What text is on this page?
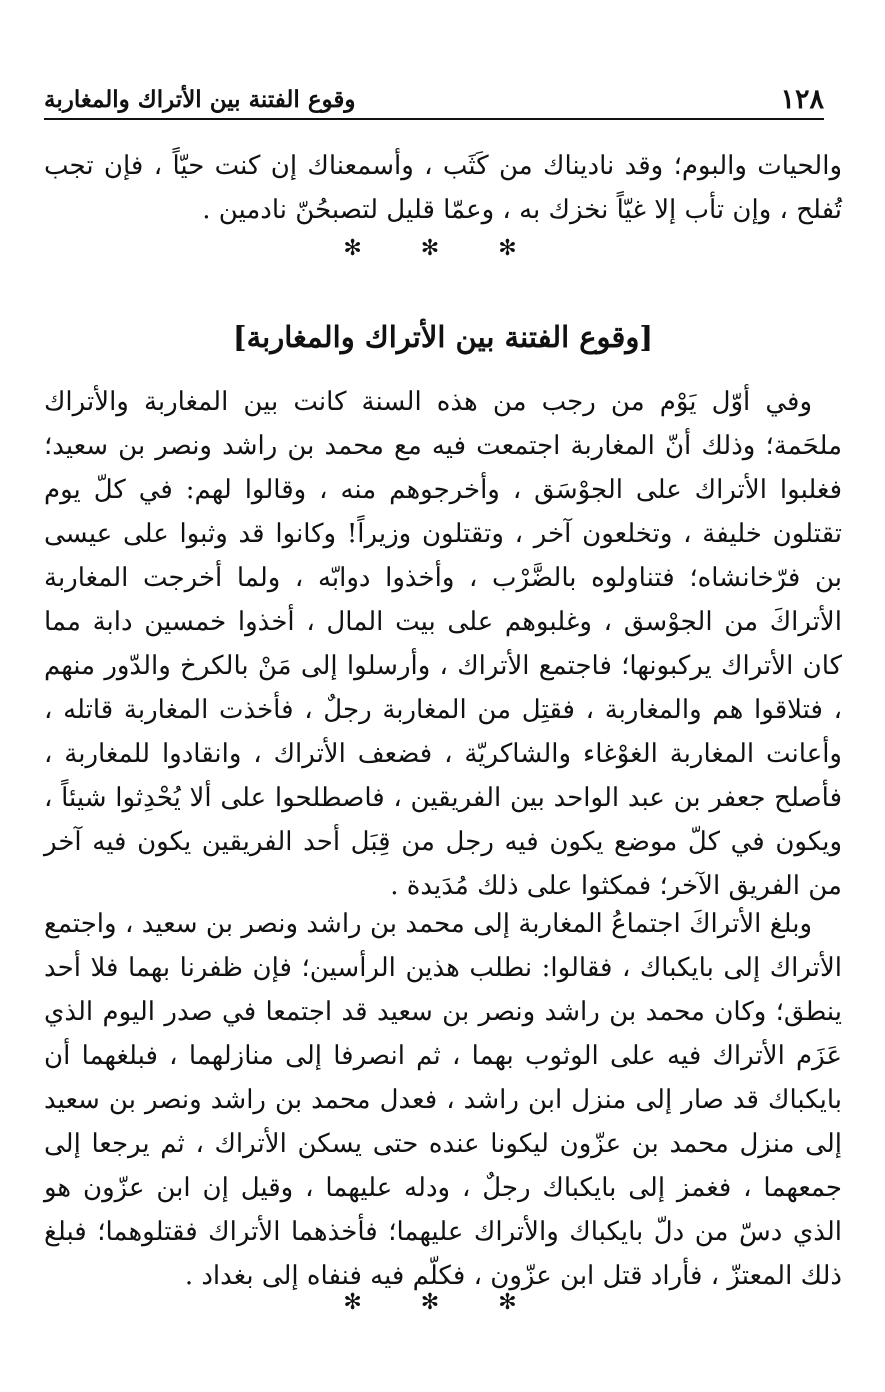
١٢٨
وقوع الفتنة بين الأتراك والمغاربة

والحيات والبوم؛ وقد ناديناك من كَثَب ، وأسمعناك إن كنت حيّاً ، فإن تجب تُفلح ، وإن تأب إلا غيّاً نخزك به ، وعمّا قليل لتصبحُنّ نادمين .

✻ ✻ ✻
[وقوع الفتنة بين الأتراك والمغاربة]

وفي أوّل يَوْم من رجب من هذه السنة كانت بين المغاربة والأتراك ملحَمة؛ وذلك أنّ المغاربة اجتمعت فيه مع محمد بن راشد ونصر بن سعيد؛ فغلبوا الأتراك على الجوْسَق ، وأخرجوهم منه ، وقالوا لهم: في كلّ يوم تقتلون خليفة ، وتخلعون آخر ، وتقتلون وزيراً! وكانوا قد وثبوا على عيسى بن فرّخانشاه؛ فتناولوه بالضَّرْب ، وأخذوا دوابّه ، ولما أخرجت المغاربة الأتراكَ من الجوْسق ، وغلبوهم على بيت المال ، أخذوا خمسين دابة مما كان الأتراك يركبونها؛ فاجتمع الأتراك ، وأرسلوا إلى مَنْ بالكرخ والدّور منهم ، فتلاقوا هم والمغاربة ، فقتِل من المغاربة رجلٌ ، فأخذت المغاربة قاتله ، وأعانت المغاربة الغوْغاء والشاكريّة ، فضعف الأتراك ، وانقادوا للمغاربة ، فأصلح جعفر بن عبد الواحد بين الفريقين ، فاصطلحوا على ألا يُحْدِثوا شيئاً ، ويكون في كلّ موضع يكون فيه رجل من قِبَل أحد الفريقين يكون فيه آخر من الفريق الآخر؛ فمكثوا على ذلك مُدَيدة .

وبلغ الأتراكَ اجتماعُ المغاربة إلى محمد بن راشد ونصر بن سعيد ، واجتمع الأتراك إلى بايكباك ، فقالوا: نطلب هذين الرأسين؛ فإن ظفرنا بهما فلا أحد ينطق؛ وكان محمد بن راشد ونصر بن سعيد قد اجتمعا في صدر اليوم الذي عَزَم الأتراك فيه على الوثوب بهما ، ثم انصرفا إلى منازلهما ، فبلغهما أن بايكباك قد صار إلى منزل ابن راشد ، فعدل محمد بن راشد ونصر بن سعيد إلى منزل محمد بن عزّون ليكونا عنده حتى يسكن الأتراك ، ثم يرجعا إلى جمعهما ، فغمز إلى بايكباك رجلٌ ، ودله عليهما ، وقيل إن ابن عزّون هو الذي دسّ من دلّ بايكباك والأتراك عليهما؛ فأخذهما الأتراك فقتلوهما؛ فبلغ ذلك المعتزّ ، فأراد قتل ابن عزّون ، فكلّم فيه فنفاه إلى بغداد .

✻ ✻ ✻
